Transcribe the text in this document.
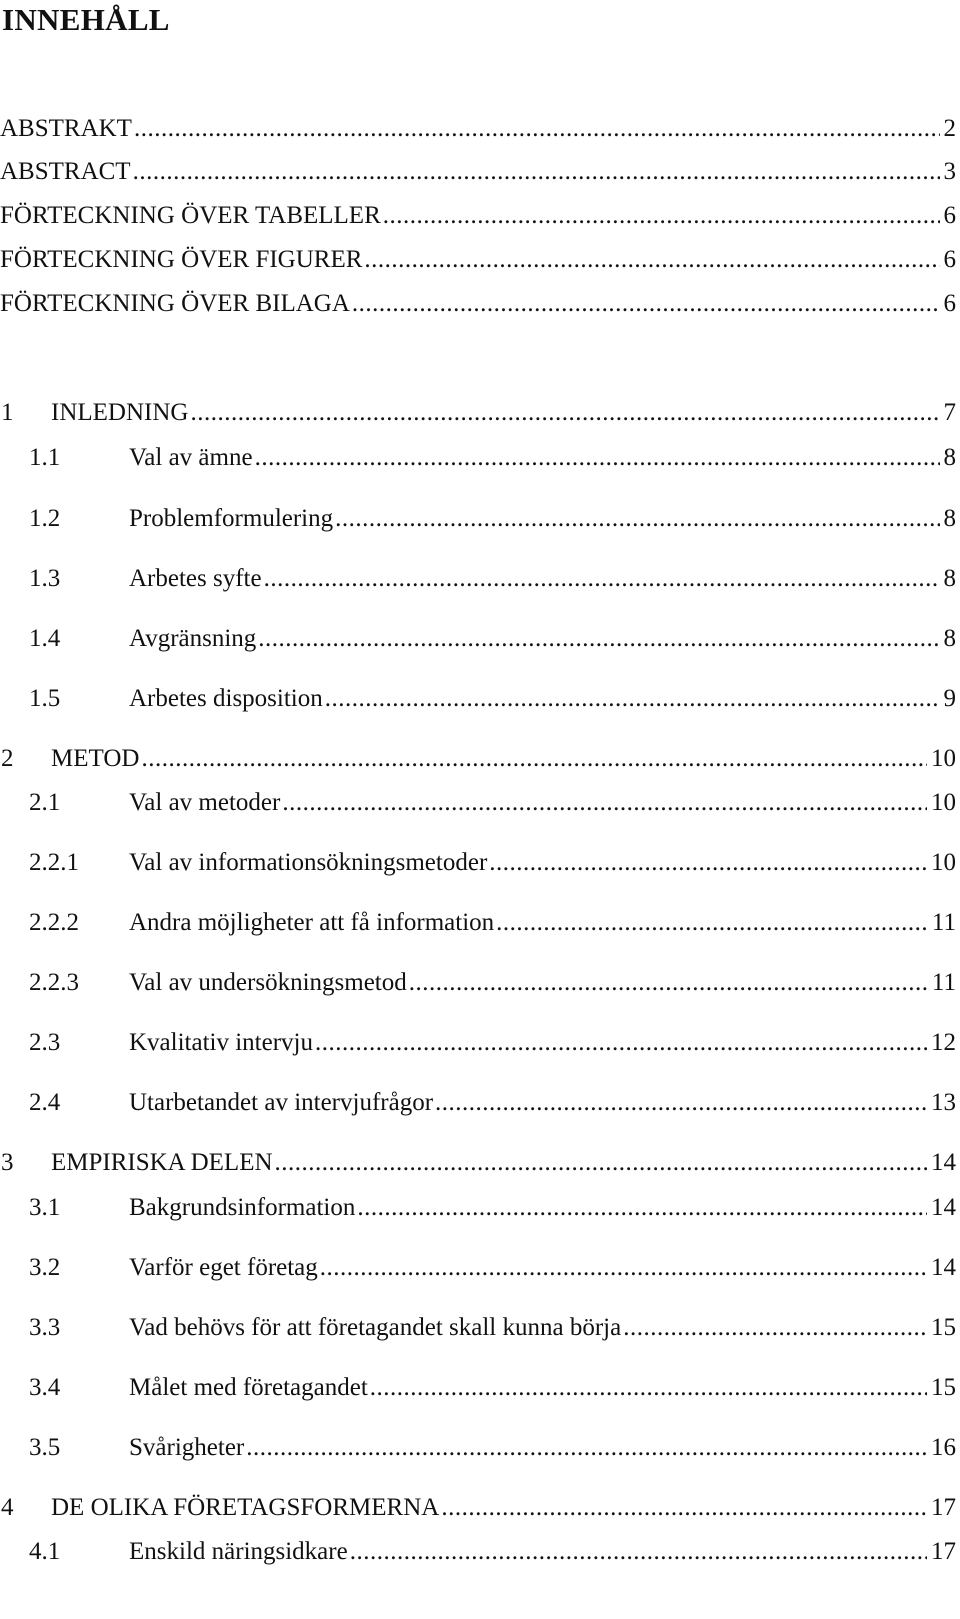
INNEHÅLL
ABSTRAKT .....	2
ABSTRACT .....	3
FÖRTECKNING ÖVER TABELLER .....	6
FÖRTECKNING ÖVER FIGURER .....	6
FÖRTECKNING ÖVER BILAGA .....	6
1	INLEDNING .....	7
1.1	Val av ämne .....	8
1.2	Problemformulering .....	8
1.3	Arbetes syfte .....	8
1.4	Avgränsning .....	8
1.5	Arbetes disposition .....	9
2	METOD .....	10
2.1	Val av metoder .....	10
2.2.1	Val av informationsökningsmetoder .....	10
2.2.2	Andra möjligheter att få information .....	11
2.2.3	Val av undersökningsmetod .....	11
2.3	Kvalitativ intervju .....	12
2.4	Utarbetandet av intervjufrågor .....	13
3	EMPIRISKA DELEN .....	14
3.1	Bakgrundsinformation .....	14
3.2	Varför eget företag .....	14
3.3	Vad behövs för att företagandet skall kunna börja .....	15
3.4	Målet med företagandet .....	15
3.5	Svårigheter .....	16
4	DE OLIKA FÖRETAGSFORMERNA .....	17
4.1	Enskild näringsidkare .....	17
